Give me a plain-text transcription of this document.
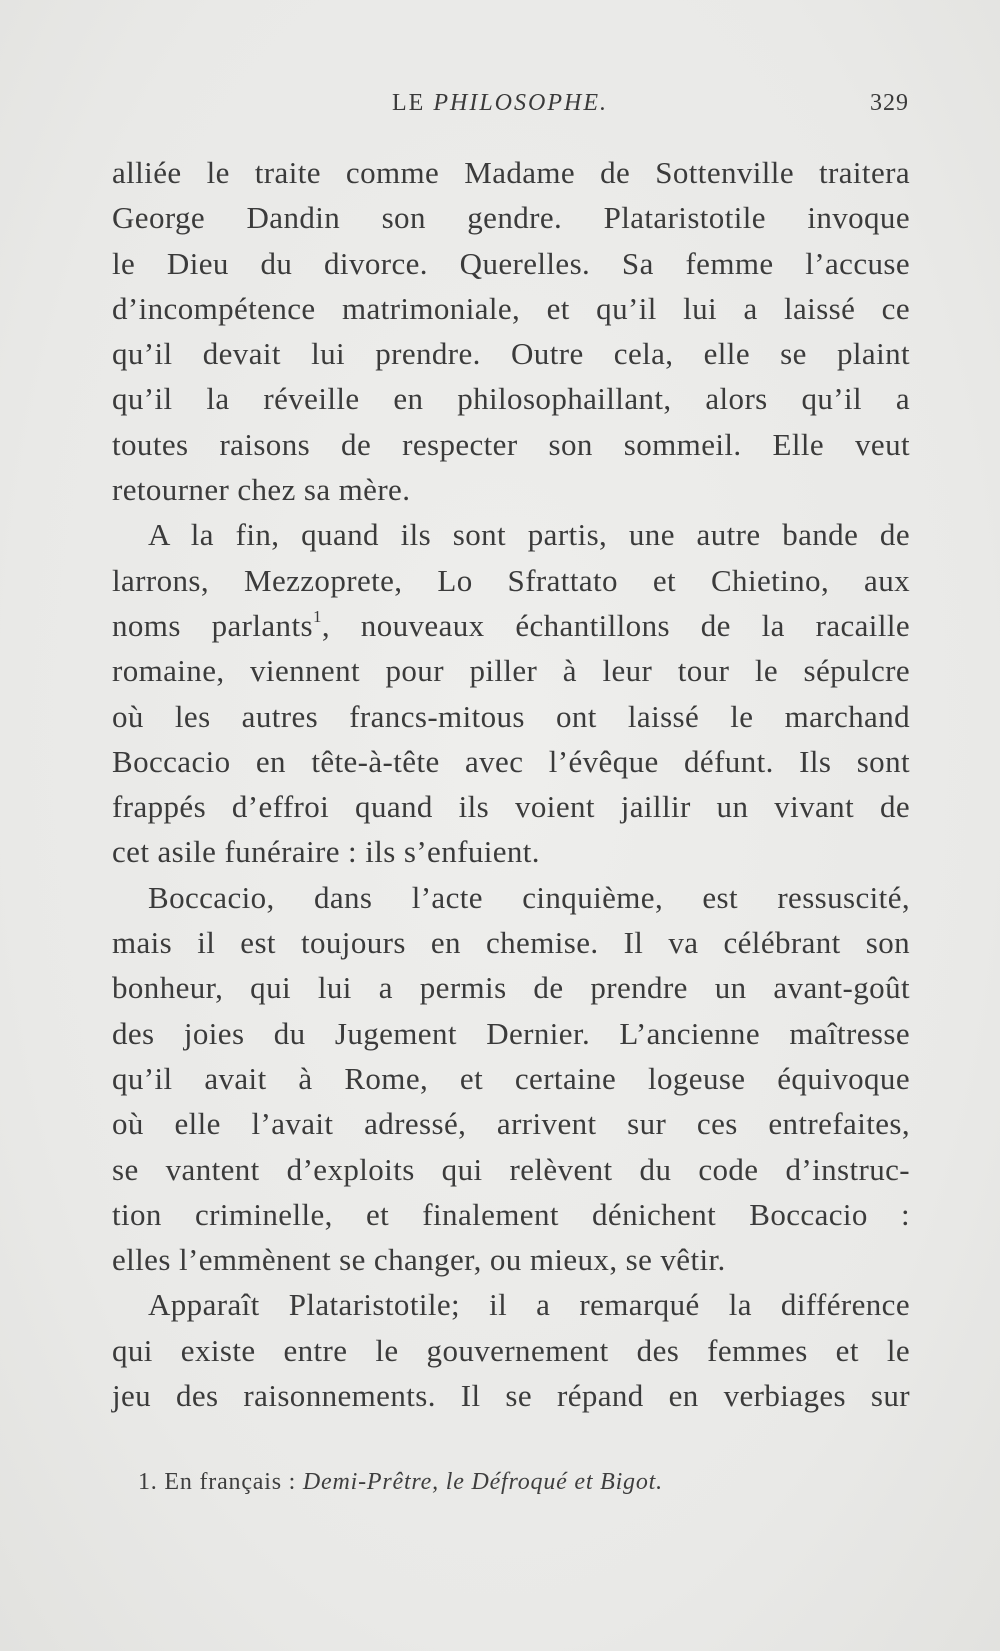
LE PHILOSOPHE.	329
alliée le traite comme Madame de Sottenville traitera
George Dandin son gendre. Plataristotile invoque
le Dieu du divorce. Querelles. Sa femme l’accuse
d’incompétence matrimoniale, et qu’il lui a laissé ce
qu’il devait lui prendre. Outre cela, elle se plaint
qu’il la réveille en philosophaillant, alors qu’il a
toutes raisons de respecter son sommeil. Elle veut
retourner chez sa mère.
A la fin, quand ils sont partis, une autre bande de
larrons, Mezzoprete, Lo Sfrattato et Chietino, aux
noms parlants$^1$, nouveaux échantillons de la racaille
romaine, viennent pour piller à leur tour le sépulcre
où les autres francs-mitous ont laissé le marchand
Boccacio en tête-à-tête avec l’évêque défunt. Ils sont
frappés d’effroi quand ils voient jaillir un vivant de
cet asile funéraire : ils s’enfuient.
Boccacio, dans l’acte cinquième, est ressuscité,
mais il est toujours en chemise. Il va célébrant son
bonheur, qui lui a permis de prendre un avant-goût
des joies du Jugement Dernier. L’ancienne maîtresse
qu’il avait à Rome, et certaine logeuse équivoque
où elle l’avait adressé, arrivent sur ces entrefaites,
se vantent d’exploits qui relèvent du code d’instruc-
tion criminelle, et finalement dénichent Boccacio :
elles l’emmènent se changer, ou mieux, se vêtir.
Apparaît Plataristotile; il a remarqué la différence
qui existe entre le gouvernement des femmes et le
jeu des raisonnements. Il se répand en verbiages sur
1. En français : Demi-Prêtre, le Défroqué et Bigot.
